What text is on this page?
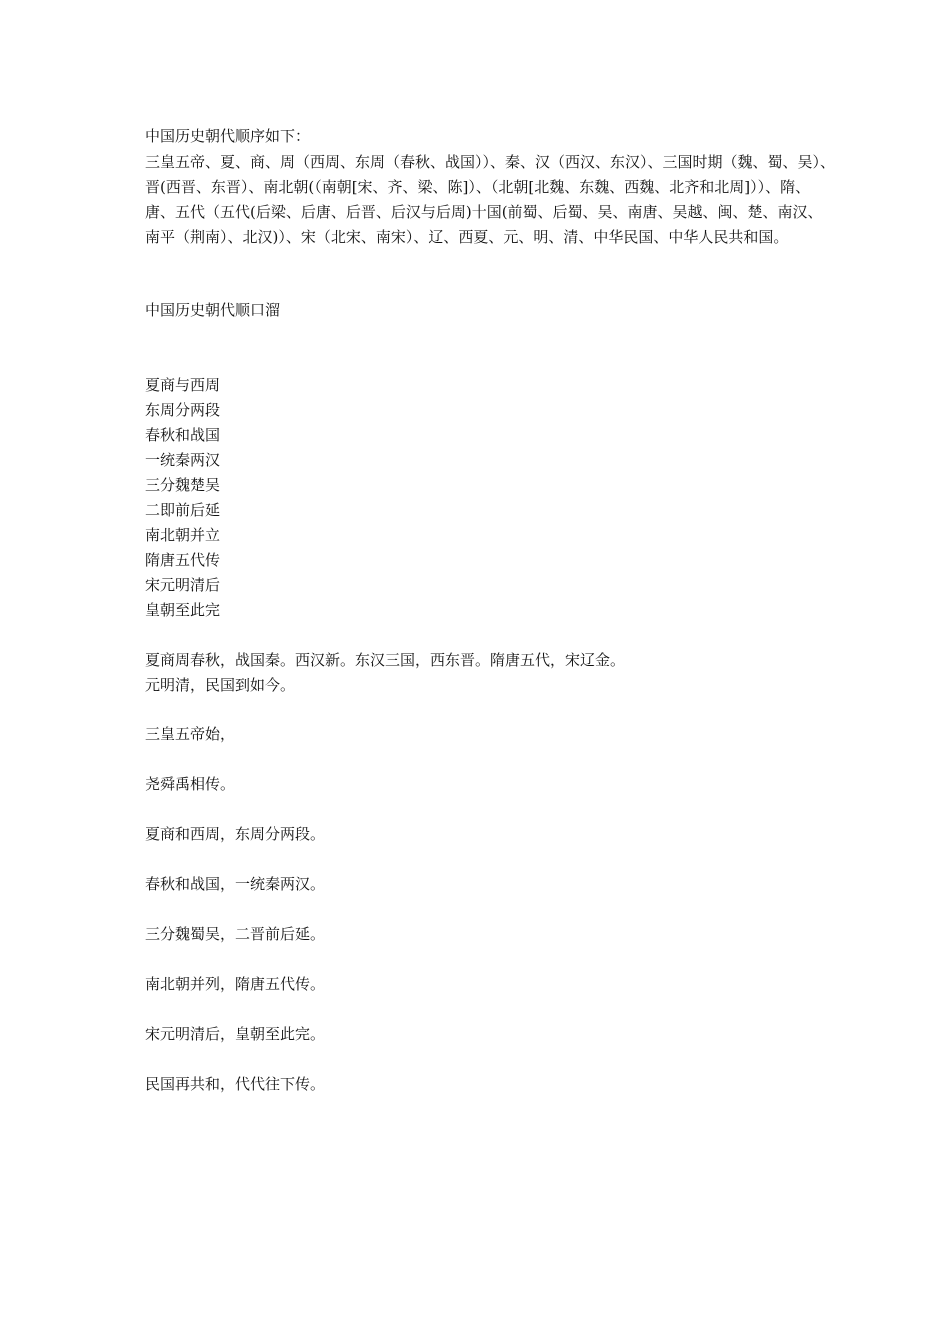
中国历史朝代顺序如下：
三皇五帝、夏、商、周（西周、东周（春秋、战国））、秦、汉（西汉、东汉）、三国时期（魏、蜀、吴）、
晋(西晋、东晋）、南北朝(（南朝[宋、齐、梁、陈]）、（北朝[北魏、东魏、西魏、北齐和北周]））、隋、
唐、五代（五代(后梁、后唐、后晋、后汉与后周)十国(前蜀、后蜀、吴、南唐、吴越、闽、楚、南汉、
南平（荆南）、北汉)）、宋（北宋、南宋）、辽、西夏、元、明、清、中华民国、中华人民共和国。
中国历史朝代顺口溜
夏商与西周
东周分两段
春秋和战国
一统秦两汉
三分魏楚吴
二即前后延
南北朝并立
隋唐五代传
宋元明清后
皇朝至此完
夏商周春秋，战国秦。西汉新。东汉三国，西东晋。隋唐五代，宋辽金。
元明清，民国到如今。
三皇五帝始，
尧舜禹相传。
夏商和西周，东周分两段。
春秋和战国，一统秦两汉。
三分魏蜀吴，二晋前后延。
南北朝并列，隋唐五代传。
宋元明清后，皇朝至此完。
民国再共和，代代往下传。
